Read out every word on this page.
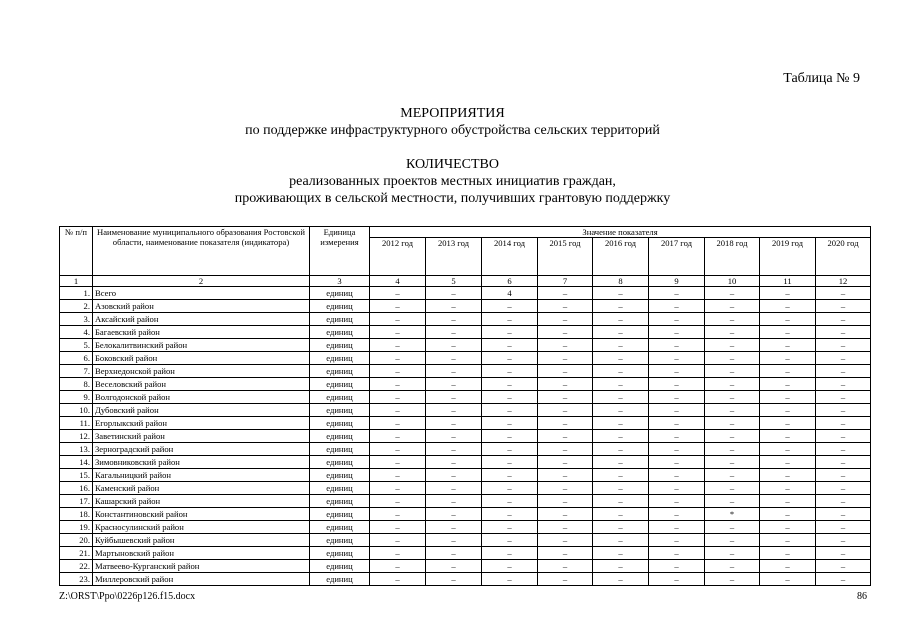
Таблица № 9
МЕРОПРИЯТИЯ
по поддержке инфраструктурного обустройства сельских территорий
КОЛИЧЕСТВО
реализованных проектов местных инициатив граждан,
проживающих в сельской местности, получивших грантовую поддержку
№ п/п	Наименование муниципального образования Ростовской области, наименование показателя (индикатора)	Единица измерения	Значение показателя								
			2012 год	2013 год	2014 год	2015 год	2016 год	2017 год	2018 год	2019 год	2020 год
1	2	3	4	5	6	7	8	9	10	11	12
1.	Всего	единиц	–	–	4	–	–	–	–	–	–
2.	Азовский район	единиц	–	–	–	–	–	–	–	–	–
3.	Аксайский район	единиц	–	–	–	–	–	–	–	–	–
4.	Багаевский район	единиц	–	–	–	–	–	–	–	–	–
5.	Белокалитвинский район	единиц	–	–	–	–	–	–	–	–	–
6.	Боковский район	единиц	–	–	–	–	–	–	–	–	–
7.	Верхнедонской район	единиц	–	–	–	–	–	–	–	–	–
8.	Веселовский район	единиц	–	–	–	–	–	–	–	–	–
9.	Волгодонской район	единиц	–	–	–	–	–	–	–	–	–
10.	Дубовский район	единиц	–	–	–	–	–	–	–	–	–
11.	Егорлыкский район	единиц	–	–	–	–	–	–	–	–	–
12.	Заветинский район	единиц	–	–	–	–	–	–	–	–	–
13.	Зерноградский район	единиц	–	–	–	–	–	–	–	–	–
14.	Зимовниковский район	единиц	–	–	–	–	–	–	–	–	–
15.	Кагальницкий район	единиц	–	–	–	–	–	–	–	–	–
16.	Каменский район	единиц	–	–	–	–	–	–	–	–	–
17.	Кашарский район	единиц	–	–	–	–	–	–	–	–	–
18.	Константиновский район	единиц	–	–	–	–	–	–	*	–	–
19.	Красносулинский район	единиц	–	–	–	–	–	–	–	–	–
20.	Куйбышевский район	единиц	–	–	–	–	–	–	–	–	–
21.	Мартыновский район	единиц	–	–	–	–	–	–	–	–	–
22.	Матвеево-Курганский район	единиц	–	–	–	–	–	–	–	–	–
23.	Миллеровский район	единиц	–	–	–	–	–	–	–	–	–
Z:\ORST\Ppo\0226p126.f15.docx	86
